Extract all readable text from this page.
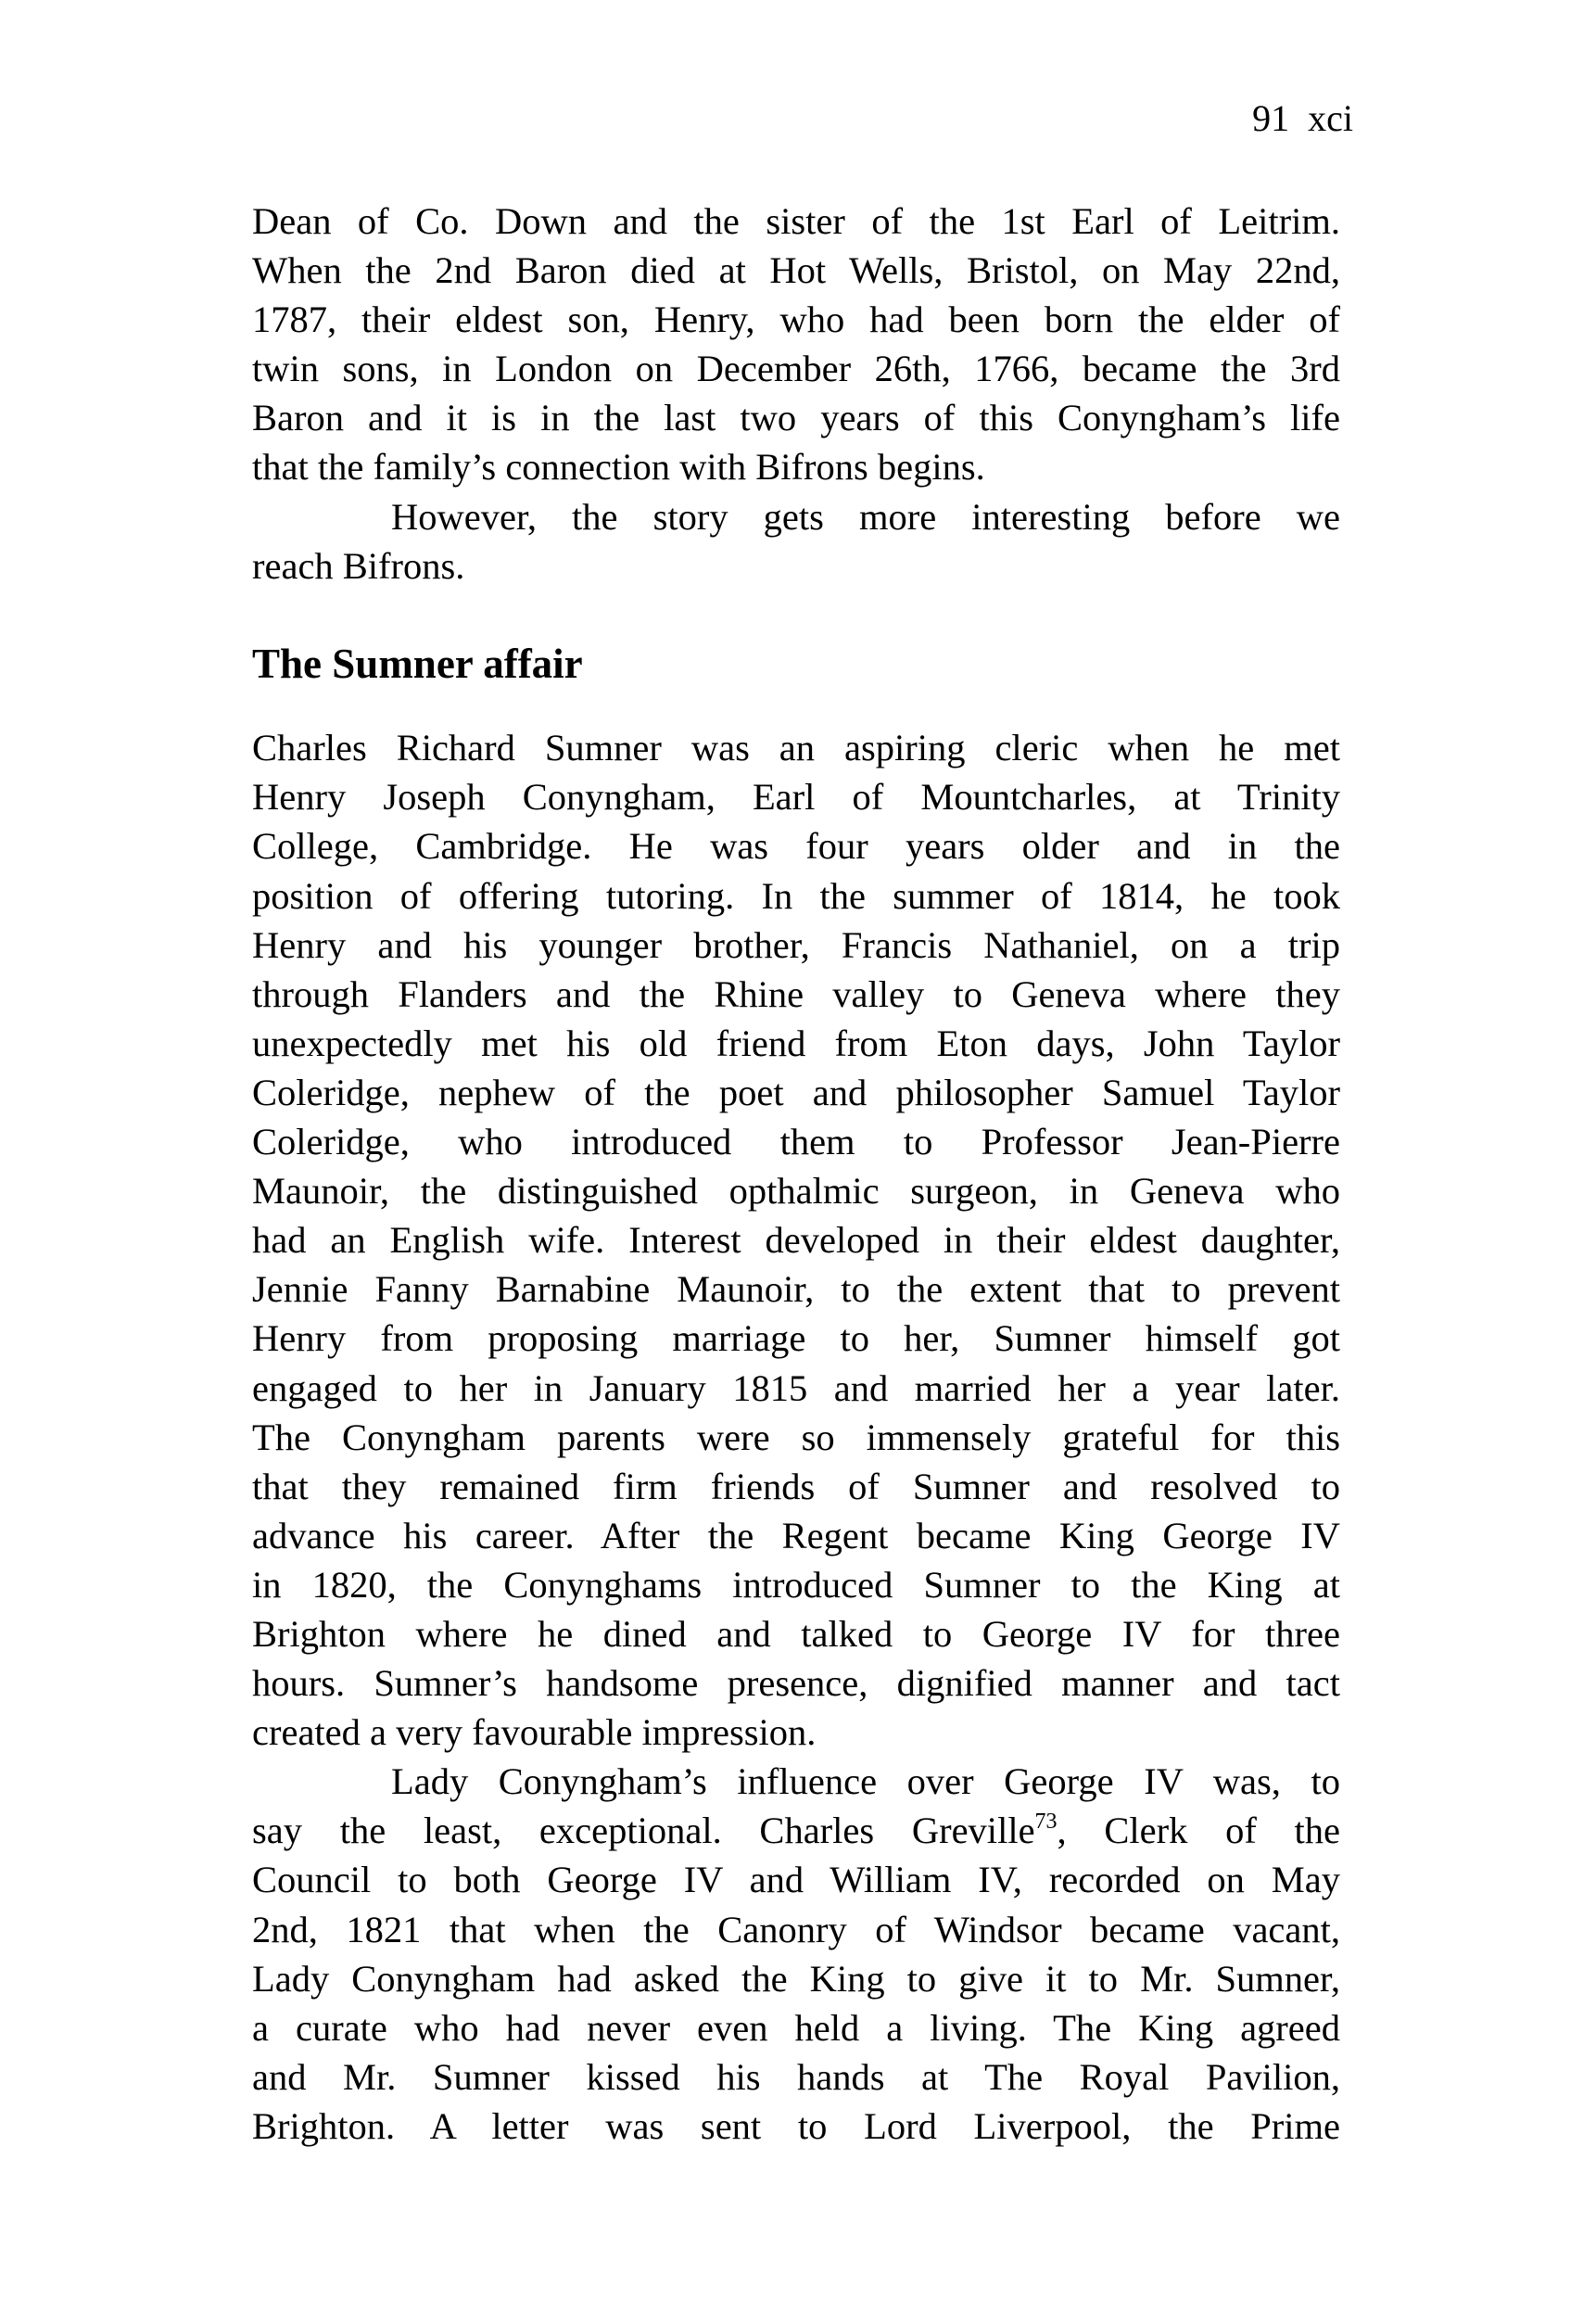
91  xci
Dean of Co. Down and the sister of the 1st Earl of Leitrim.
When the 2nd Baron died at Hot Wells, Bristol, on May 22nd,
1787, their eldest son, Henry, who had been born the elder of
twin sons, in London on December 26th, 1766, became the 3rd
Baron and it is in the last two years of this Conyngham’s life
that the family’s connection with Bifrons begins.
However, the story gets more interesting before we
reach Bifrons.
The Sumner affair
Charles Richard Sumner was an aspiring cleric when he met
Henry Joseph Conyngham, Earl of Mountcharles, at Trinity
College, Cambridge. He was four years older and in the
position of offering tutoring. In the summer of 1814, he took
Henry and his younger brother, Francis Nathaniel, on a trip
through Flanders and the Rhine valley to Geneva where they
unexpectedly met his old friend from Eton days, John Taylor
Coleridge, nephew of the poet and philosopher Samuel Taylor
Coleridge, who introduced them to Professor Jean-Pierre
Maunoir, the distinguished opthalmic surgeon, in Geneva who
had an English wife. Interest developed in their eldest daughter,
Jennie Fanny Barnabine Maunoir, to the extent that to prevent
Henry from proposing marriage to her, Sumner himself got
engaged to her in January 1815 and married her a year later.
The Conyngham parents were so immensely grateful for this
that they remained firm friends of Sumner and resolved to
advance his career. After the Regent became King George IV
in 1820, the Conynghams introduced Sumner to the King at
Brighton where he dined and talked to George IV for three
hours. Sumner’s handsome presence, dignified manner and tact
created a very favourable impression.
Lady Conyngham’s influence over George IV was, to
say the least, exceptional. Charles Greville$^{73}$, Clerk of the
Council to both George IV and William IV, recorded on May
2nd, 1821 that when the Canonry of Windsor became vacant,
Lady Conyngham had asked the King to give it to Mr. Sumner,
a curate who had never even held a living. The King agreed
and Mr. Sumner kissed his hands at The Royal Pavilion,
Brighton. A letter was sent to Lord Liverpool, the Prime
